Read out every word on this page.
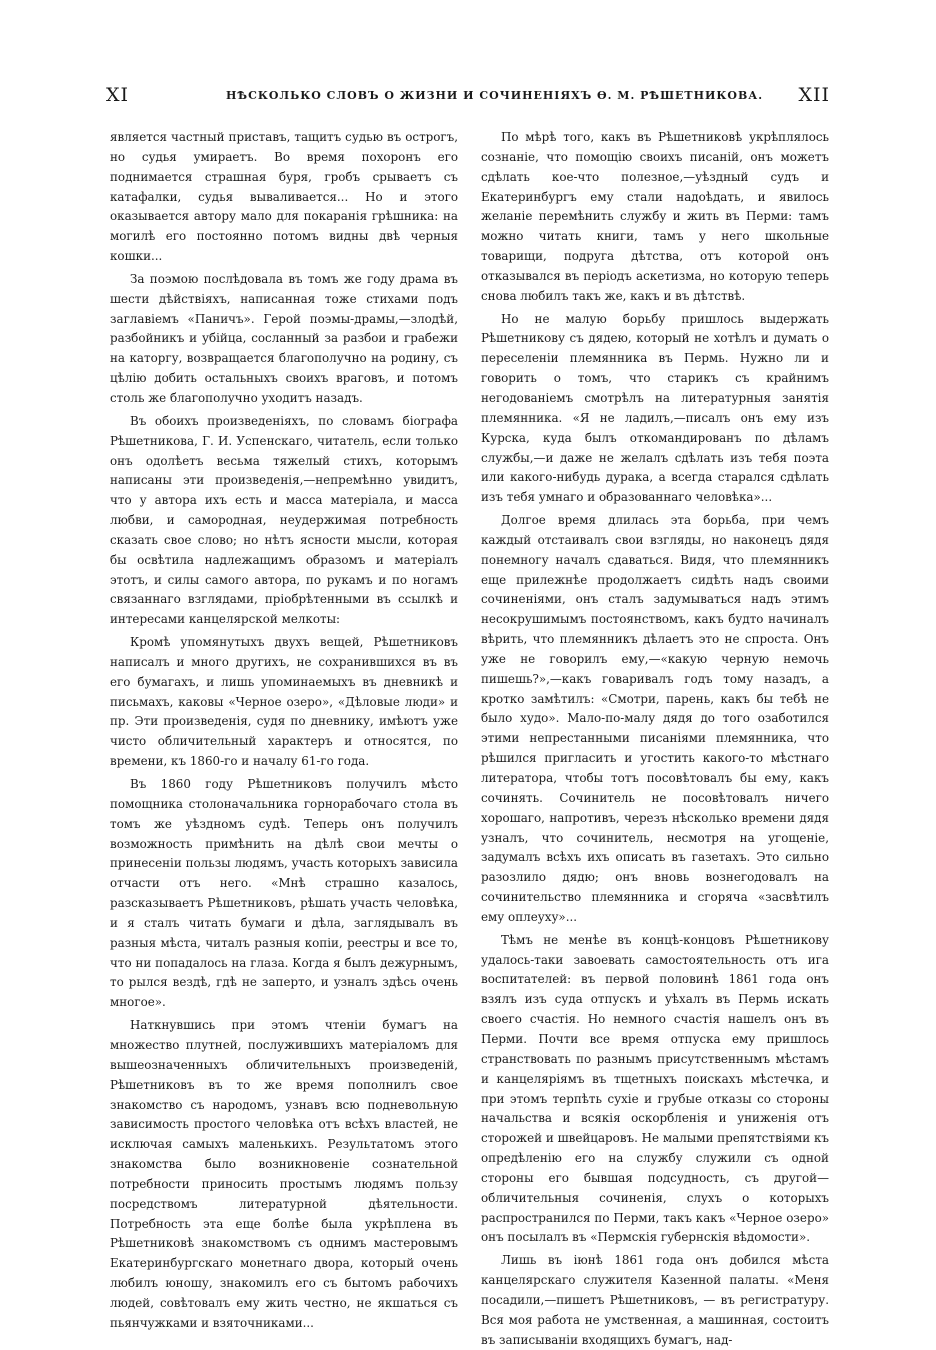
XI	НѢСКОЛЬКО СЛОВЪ О ЖИЗНИ И СОЧИНЕНІЯХЪ Ѳ. М. РѢШЕТНИКОВА. XII

является частный приставъ, тащитъ судью въ острогъ, но судья умираетъ. Во время похоронъ его поднимается страшная буря, гробъ срываетъ съ катафалки, судья вываливается... Но и этого оказывается автору мало для покаранія грѣшника: на могилѣ его постоянно потомъ видны двѣ черныя кошки...

За поэмою послѣдовала въ томъ же году драма въ шести дѣйствіяхъ, написанная тоже стихами подъ заглавіемъ «Паничъ». Герой поэмы-драмы,—злодѣй, разбойникъ и убійца, сосланный за разбои и грабежи на каторгу, возвращается благополучно на родину, съ цѣлію добить остальныхъ своихъ враговъ, и потомъ столь же благополучно уходитъ назадъ.

Въ обоихъ произведеніяхъ, по словамъ біографа Рѣшетникова, Г. И. Успенскаго, читатель, если только онъ одолѣетъ весьма тяжелый стихъ, которымъ написаны эти произведенія,—непремѣнно увидитъ, что у автора ихъ есть и масса матеріала, и масса любви, и самородная, неудержимая потребность сказать свое слово; но нѣтъ ясности мысли, которая бы освѣтила надлежащимъ образомъ и матеріалъ этотъ, и силы самого автора, по рукамъ и по ногамъ связаннаго взглядами, пріобрѣтенными въ ссылкѣ и интересами канцелярской мелкоты:

Кромѣ упомянутыхъ двухъ вещей, Рѣшетниковъ написалъ и много другихъ, не сохранившихся въ въ его бумагахъ, и лишь упоминаемыхъ въ дневникѣ и письмахъ, каковы «Черное озеро», «Дѣловые люди» и пр. Эти произведенія, судя по дневнику, имѣютъ уже чисто обличительный характеръ и относятся, по времени, къ 1860-го и началу 61-го года.

Въ 1860 году Рѣшетниковъ получилъ мѣсто помощника столоначальника горнорабочаго стола въ томъ же уѣздномъ судѣ. Теперь онъ получилъ возможность примѣнить на дѣлѣ свои мечты о принесеніи пользы людямъ, участь которыхъ зависила отчасти отъ него. «Мнѣ страшно казалось, разсказываетъ Рѣшетниковъ, рѣшать участь человѣка, и я сталъ читать бумаги и дѣла, заглядывалъ въ разныя мѣста, читалъ разныя копіи, реестры и все то, что ни попадалось на глаза. Когда я былъ дежурнымъ, то рылся вездѣ, гдѣ не заперто, и узналъ здѣсь очень многое».

Наткнувшись при этомъ чтеніи бумагъ на множество плутней, послужившихъ матеріаломъ для вышеозначенныхъ обличительныхъ произведеній, Рѣшетниковъ въ то же время пополнилъ свое знакомство съ народомъ, узнавъ всю подневольную зависимость простого человѣка отъ всѣхъ властей, не исключая самыхъ маленькихъ. Результатомъ этого знакомства было возникновеніе сознательной потребности приносить простымъ людямъ пользу посредствомъ литературной дѣятельности. Потребность эта еще болѣе была укрѣплена въ Рѣшетниковѣ знакомствомъ съ однимъ мастеровымъ Екатеринбургскаго монетнаго двора, который очень любилъ юношу, знакомилъ его съ бытомъ рабочихъ людей, совѣтовалъ ему жить честно, не якшаться съ пьянчужками и взяточниками...

По мѣрѣ того, какъ въ Рѣшетниковѣ укрѣплялось сознаніе, что помощію своихъ писаній, онъ можетъ сдѣлать кое-что полезное,—уѣздный судъ и Екатеринбургъ ему стали надоѣдать, и явилось желаніе перемѣнить службу и жить въ Перми: тамъ можно читать книги, тамъ у него школьные товарищи, подруга дѣтства, отъ которой онъ отказывался въ періодъ аскетизма, но которую теперь снова любилъ такъ же, какъ и въ дѣтствѣ.

Но не малую борьбу пришлось выдержать Рѣшетникову съ дядею, который не хотѣлъ и думать о переселеніи племянника въ Пермь. Нужно ли и говорить о томъ, что старикъ съ крайнимъ негодованіемъ смотрѣлъ на литературныя занятія племянника. «Я не ладилъ,—писалъ онъ ему изъ Курска, куда былъ откомандированъ по дѣламъ службы,—и даже не желалъ сдѣлать изъ тебя поэта или какого-нибудь дурака, а всегда старался сдѣлать изъ тебя умнаго и образованнаго человѣка»...

Долгое время длилась эта борьба, при чемъ каждый отстаивалъ свои взгляды, но наконецъ дядя понемногу началъ сдаваться. Видя, что племянникъ еще прилежнѣе продолжаетъ сидѣть надъ своими сочиненіями, онъ сталъ задумываться надъ этимъ несокрушимымъ постоянствомъ, какъ будто начиналъ вѣрить, что племянникъ дѣлаетъ это не спроста. Онъ уже не говорилъ ему,—«какую черную немочь пишешь?»,—какъ говаривалъ годъ тому назадъ, а кротко замѣтилъ: «Смотри, парень, какъ бы тебѣ не было худо». Мало-по-малу дядя до того озаботился этими непрестанными писаніями племянника, что рѣшился пригласить и угостить какого-то мѣстнаго литератора, чтобы тотъ посовѣтовалъ бы ему, какъ сочинять. Сочинитель не посовѣтовалъ ничего хорошаго, напротивъ, черезъ нѣсколько времени дядя узналъ, что сочинитель, несмотря на угощеніе, задумалъ всѣхъ ихъ описать въ газетахъ. Это сильно разозлило дядю; онъ вновь вознегодовалъ на сочинительство племянника и сгоряча «засвѣтилъ ему оплеуху»...

Тѣмъ не менѣе въ концѣ-концовъ Рѣшетникову удалось-таки завоевать самостоятельность отъ ига воспитателей: въ первой половинѣ 1861 года онъ взялъ изъ суда отпускъ и уѣхалъ въ Пермь искать своего счастія. Но немного счастія нашелъ онъ въ Перми. Почти все время отпуска ему пришлось странствовать по разнымъ присутственнымъ мѣстамъ и канцеляріямъ въ тщетныхъ поискахъ мѣстечка, и при этомъ терпѣть сухіе и грубые отказы со стороны начальства и всякія оскорбленія и униженія отъ сторожей и швейцаровъ. Не малыми препятствіями къ опредѣленію его на службу служили съ одной стороны его бывшая подсудность, съ другой—обличительныя сочиненія, слухъ о которыхъ распространился по Перми, такъ какъ «Черное озеро» онъ посылалъ въ «Пермскія губернскія вѣдомости».

Лишь въ іюнѣ 1861 года онъ добился мѣста канцелярскаго служителя Казенной палаты. «Меня посадили,—пишетъ Рѣшетниковъ, — въ регистратуру. Вся моя работа не умственная, а машинная, состоитъ въ записываніи входящихъ бумагъ, над-
